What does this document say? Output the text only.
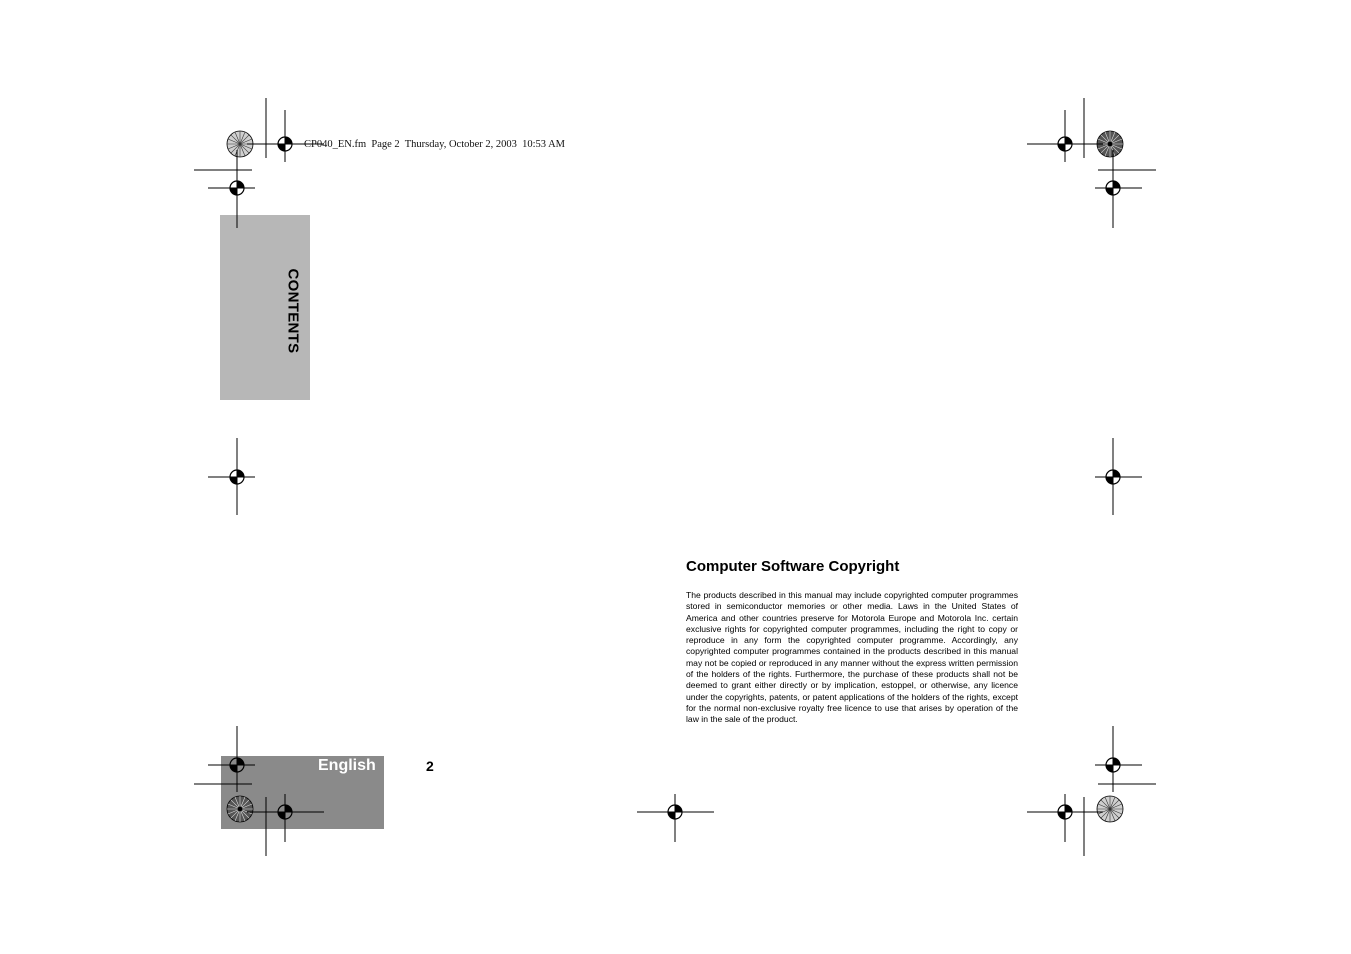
CONTENTS
CP040_EN.fm  Page 2  Thursday, October 2, 2003  10:53 AM
English	2
Computer Software Copyright

The products described in this manual may include copyrighted computer programmes stored in semiconductor memories or other media. Laws in the United States of America and other countries preserve for Motorola Europe and Motorola Inc. certain exclusive rights for copyrighted computer programmes, including the right to copy or reproduce in any form the copyrighted computer programme. Accordingly, any copyrighted computer programmes contained in the products described in this manual may not be copied or reproduced in any manner without the express written permission of the holders of the rights. Furthermore, the purchase of these products shall not be deemed to grant either directly or by implication, estoppel, or otherwise, any licence under the copyrights, patents, or patent applications of the holders of the rights, except for the normal non-exclusive royalty free licence to use that arises by operation of the law in the sale of the product.
